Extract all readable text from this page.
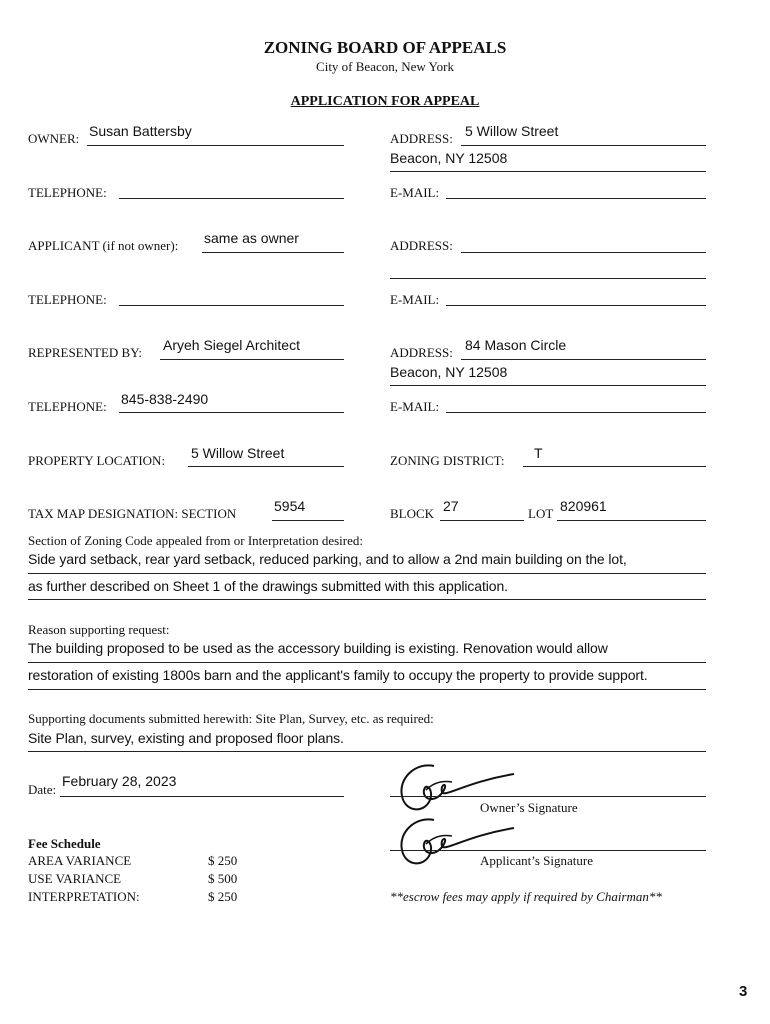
ZONING BOARD OF APPEALS
City of Beacon, New York
APPLICATION FOR APPEAL
OWNER: Susan Battersby	ADDRESS: 5 Willow Street
Beacon, NY 12508
TELEPHONE:	E-MAIL:
APPLICANT (if not owner): same as owner	ADDRESS:
TELEPHONE:	E-MAIL:
REPRESENTED BY: Aryeh Siegel Architect	ADDRESS: 84 Mason Circle
Beacon, NY 12508
TELEPHONE: 845-838-2490	E-MAIL:
PROPERTY LOCATION: 5 Willow Street	ZONING DISTRICT: T
TAX MAP DESIGNATION: SECTION	5954	BLOCK 27	LOT 820961
Section of Zoning Code appealed from or Interpretation desired:
Side yard setback, rear yard setback, reduced parking, and to allow a 2nd main building on the lot,
as further described on Sheet 1 of the drawings submitted with this application.
Reason supporting request:
The building proposed to be used as the accessory building is existing. Renovation would allow
restoration of existing 1800s barn and the applicant's family to occupy the property to provide support.
Supporting documents submitted herewith: Site Plan, Survey, etc. as required:
Site Plan, survey, existing and proposed floor plans.
Date:
February 28, 2023
Owner’s Signature
Applicant’s Signature
**escrow fees may apply if required by Chairman**
Fee Schedule
AREA VARIANCE	$ 250
USE VARIANCE	$ 500
INTERPRETATION:	$ 250
3
